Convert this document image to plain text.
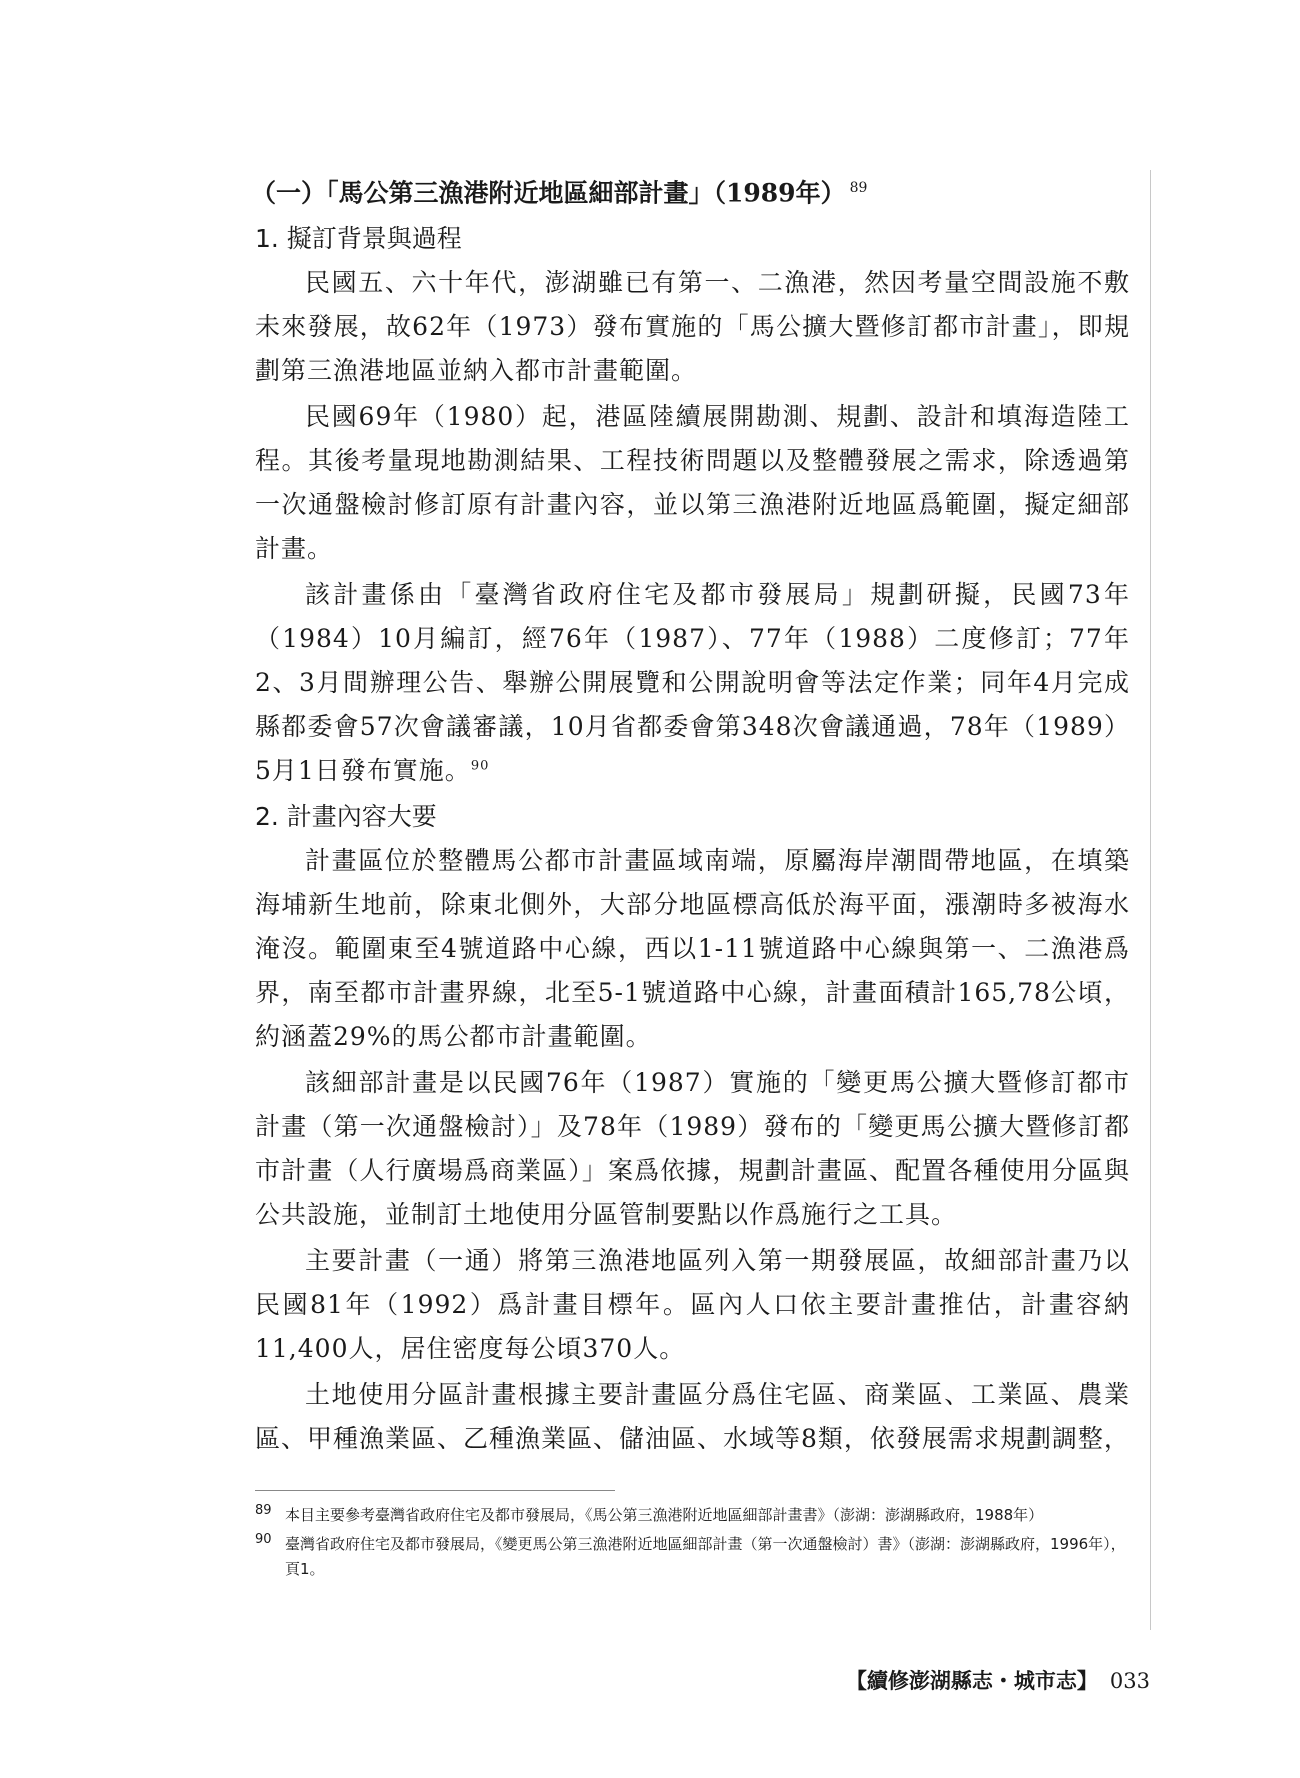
（一）「馬公第三漁港附近地區細部計畫」（1989年） $^{89}$

1. 擬訂背景與過程

民國五、六十年代，澎湖雖已有第一、二漁港，然因考量空間設施不敷未來發展，故62年（1973）發布實施的「馬公擴大暨修訂都市計畫」，即規劃第三漁港地區並納入都市計畫範圍。

民國69年（1980）起，港區陸續展開勘測、規劃、設計和填海造陸工程。其後考量現地勘測結果、工程技術問題以及整體發展之需求，除透過第一次通盤檢討修訂原有計畫內容，並以第三漁港附近地區爲範圍，擬定細部計畫。

該計畫係由「臺灣省政府住宅及都市發展局」規劃研擬，民國73年（1984）10月編訂，經76年（1987）、77年（1988）二度修訂；77年2、3月間辦理公告、舉辦公開展覽和公開說明會等法定作業；同年4月完成縣都委會57次會議審議，10月省都委會第348次會議通過，78年（1989）5月1日發布實施。$^{90}$

2. 計畫內容大要

計畫區位於整體馬公都市計畫區域南端，原屬海岸潮間帶地區，在填築海埔新生地前，除東北側外，大部分地區標高低於海平面，漲潮時多被海水淹沒。範圍東至4號道路中心線，西以1-11號道路中心線與第一、二漁港爲界，南至都市計畫界線，北至5-1號道路中心線，計畫面積計165,78公頃，約涵蓋29%的馬公都市計畫範圍。

該細部計畫是以民國76年（1987）實施的「變更馬公擴大暨修訂都市計畫（第一次通盤檢討）」及78年（1989）發布的「變更馬公擴大暨修訂都市計畫（人行廣場爲商業區）」案爲依據，規劃計畫區、配置各種使用分區與公共設施，並制訂土地使用分區管制要點以作爲施行之工具。

主要計畫（一通）將第三漁港地區列入第一期發展區，故細部計畫乃以民國81年（1992）爲計畫目標年。區內人口依主要計畫推估，計畫容納11,400人，居住密度每公頃370人。

土地使用分區計畫根據主要計畫區分爲住宅區、商業區、工業區、農業區、甲種漁業區、乙種漁業區、儲油區、水域等8類，依發展需求規劃調整，

89 本目主要參考臺灣省政府住宅及都市發展局，《馬公第三漁港附近地區細部計畫書》（澎湖：澎湖縣政府，1988年）
90 臺灣省政府住宅及都市發展局，《變更馬公第三漁港附近地區細部計畫（第一次通盤檢討）書》（澎湖：澎湖縣政府，1996年），頁1。
【續修澎湖縣志・城市志】 033
